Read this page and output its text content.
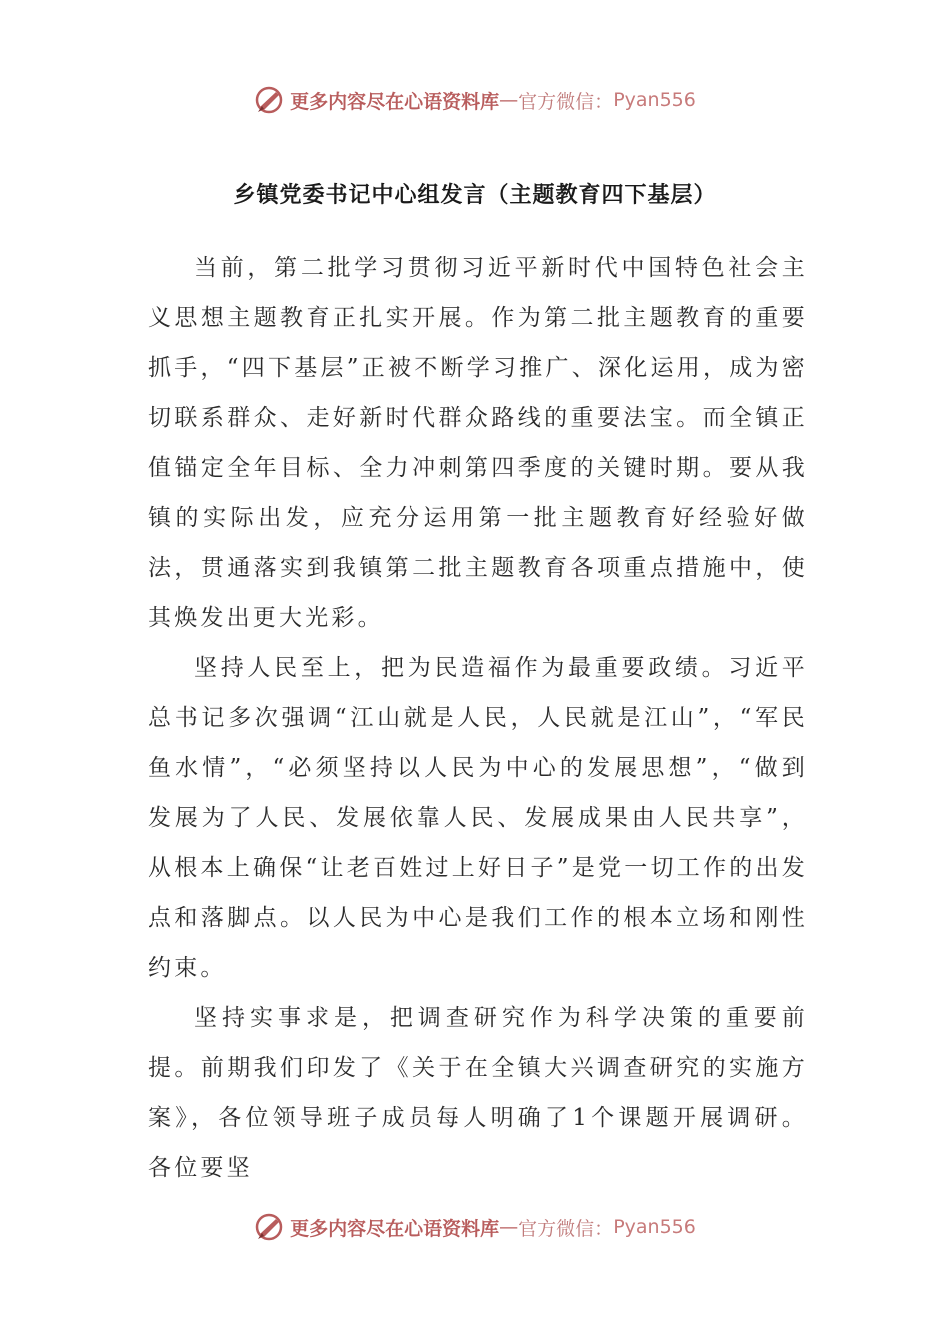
更多内容尽在心语资料库 — 官方微信： Pyan556
乡镇党委书记中心组发言（主题教育四下基层）

当前，第二批学习贯彻习近平新时代中国特色社会主义思想主题教育正扎实开展。作为第二批主题教育的重要抓手，“四下基层”正被不断学习推广、深化运用，成为密切联系群众、走好新时代群众路线的重要法宝。而全镇正值锚定全年目标、全力冲刺第四季度的关键时期。要从我镇的实际出发，应充分运用第一批主题教育好经验好做法，贯通落实到我镇第二批主题教育各项重点措施中，使其焕发出更大光彩。

坚持人民至上，把为民造福作为最重要政绩。习近平总书记多次强调“江山就是人民，人民就是江山”，“军民鱼水情”，“必须坚持以人民为中心的发展思想”，“做到发展为了人民、发展依靠人民、发展成果由人民共享”，从根本上确保“让老百姓过上好日子”是党一切工作的出发点和落脚点。以人民为中心是我们工作的根本立场和刚性约束。

坚持实事求是，把调查研究作为科学决策的重要前提。前期我们印发了《关于在全镇大兴调查研究的实施方案》，各位领导班子成员每人明确了1个课题开展调研。各位要坚

更多内容尽在心语资料库 — 官方微信： Pyan556
